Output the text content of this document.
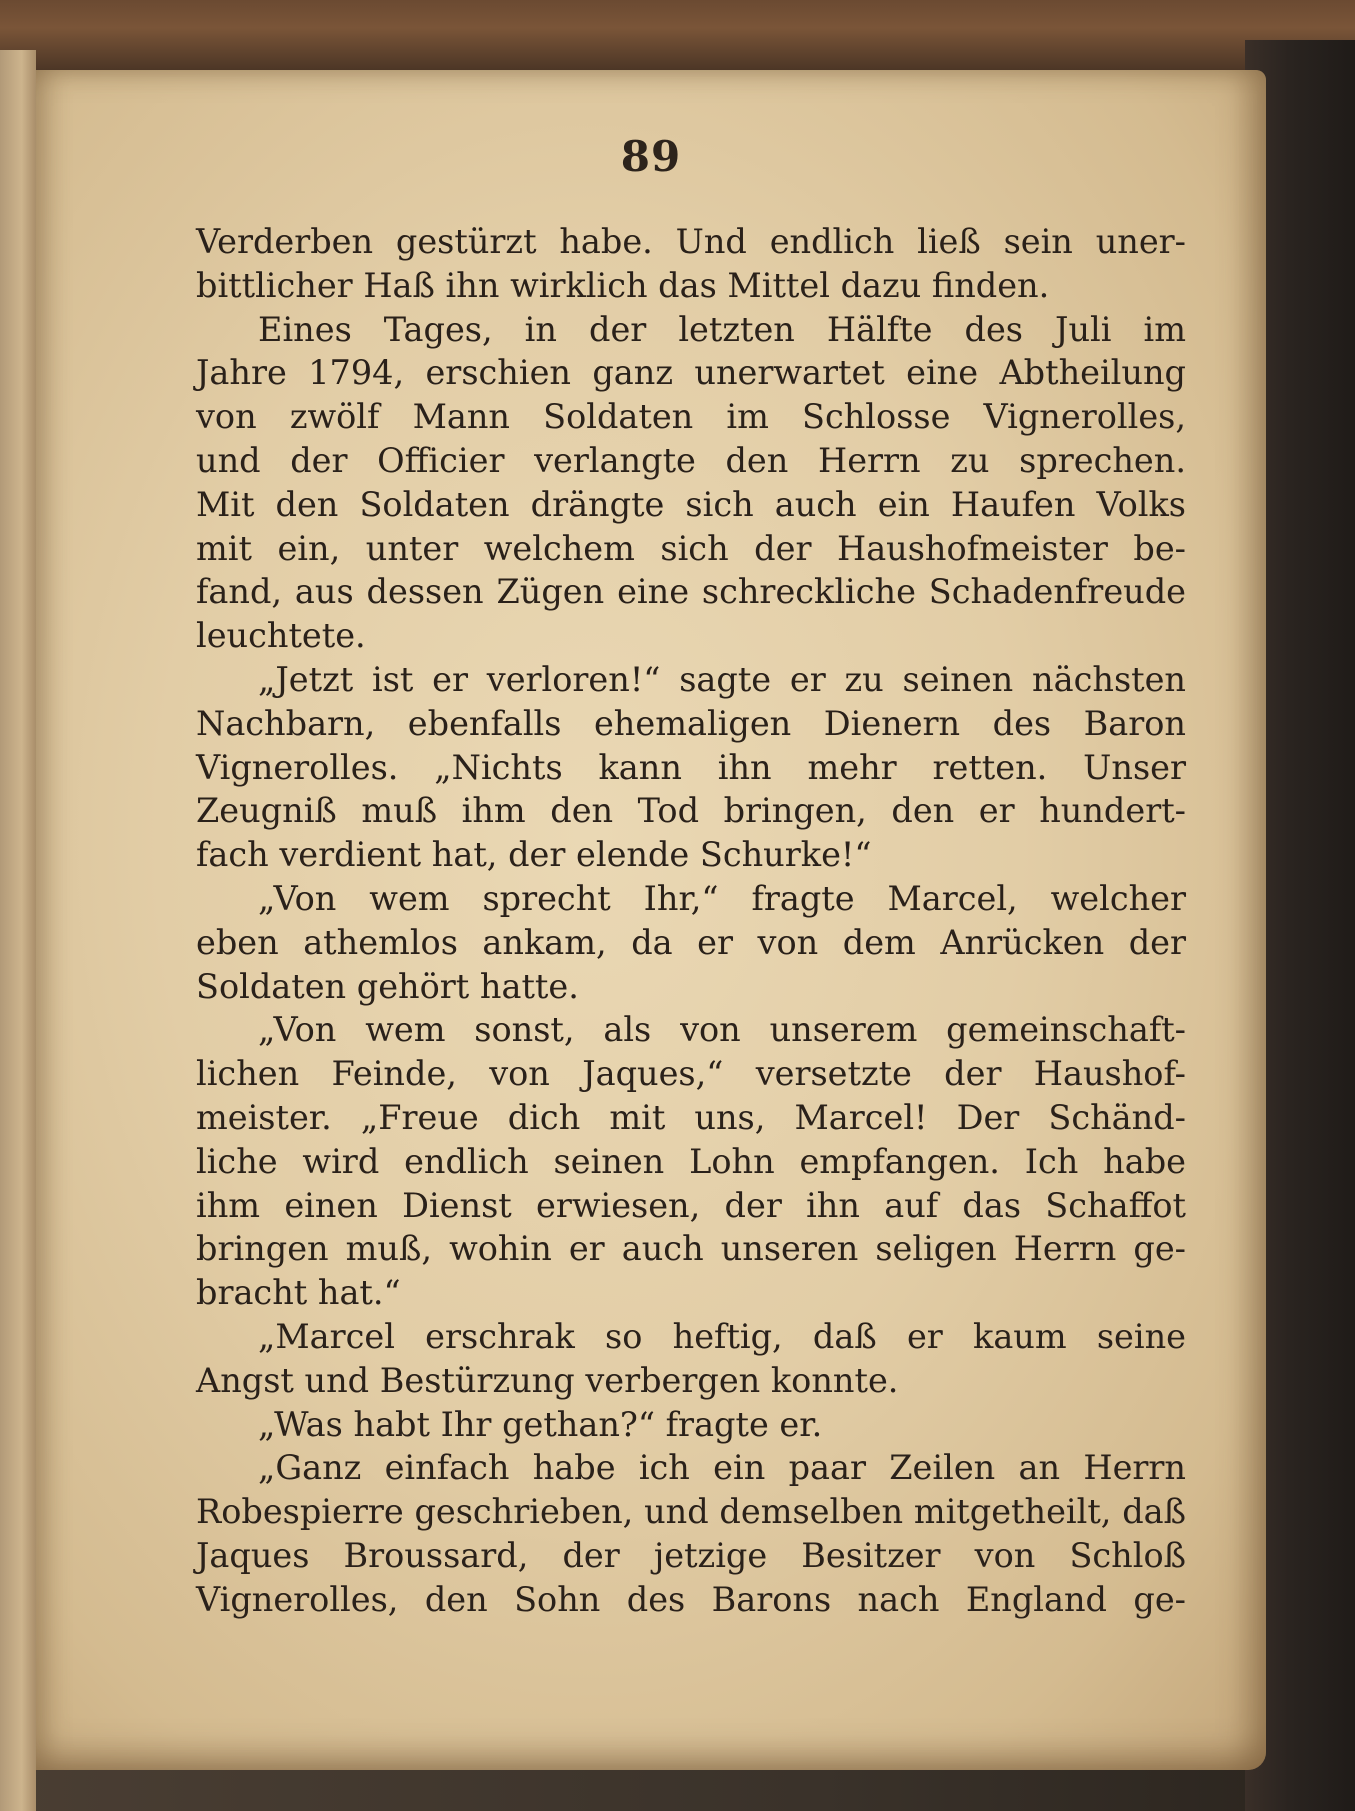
89
Verderben gestürzt habe. Und endlich ließ sein uner-
bittlicher Haß ihn wirklich das Mittel dazu finden.
Eines Tages, in der letzten Hälfte des Juli im
Jahre 1794, erschien ganz unerwartet eine Abtheilung
von zwölf Mann Soldaten im Schlosse Vignerolles,
und der Officier verlangte den Herrn zu sprechen.
Mit den Soldaten drängte sich auch ein Haufen Volks
mit ein, unter welchem sich der Haushofmeister be-
fand, aus dessen Zügen eine schreckliche Schadenfreude
leuchtete.
„Jetzt ist er verloren!“ sagte er zu seinen nächsten
Nachbarn, ebenfalls ehemaligen Dienern des Baron
Vignerolles. „Nichts kann ihn mehr retten. Unser
Zeugniß muß ihm den Tod bringen, den er hundert-
fach verdient hat, der elende Schurke!“
„Von wem sprecht Ihr,“ fragte Marcel, welcher
eben athemlos ankam, da er von dem Anrücken der
Soldaten gehört hatte.
„Von wem sonst, als von unserem gemeinschaft-
lichen Feinde, von Jaques,“ versetzte der Haushof-
meister. „Freue dich mit uns, Marcel! Der Schänd-
liche wird endlich seinen Lohn empfangen. Ich habe
ihm einen Dienst erwiesen, der ihn auf das Schaffot
bringen muß, wohin er auch unseren seligen Herrn ge-
bracht hat.“
„Marcel erschrak so heftig, daß er kaum seine
Angst und Bestürzung verbergen konnte.
„Was habt Ihr gethan?“ fragte er.
„Ganz einfach habe ich ein paar Zeilen an Herrn
Robespierre geschrieben, und demselben mitgetheilt, daß
Jaques Broussard, der jetzige Besitzer von Schloß
Vignerolles, den Sohn des Barons nach England ge-
